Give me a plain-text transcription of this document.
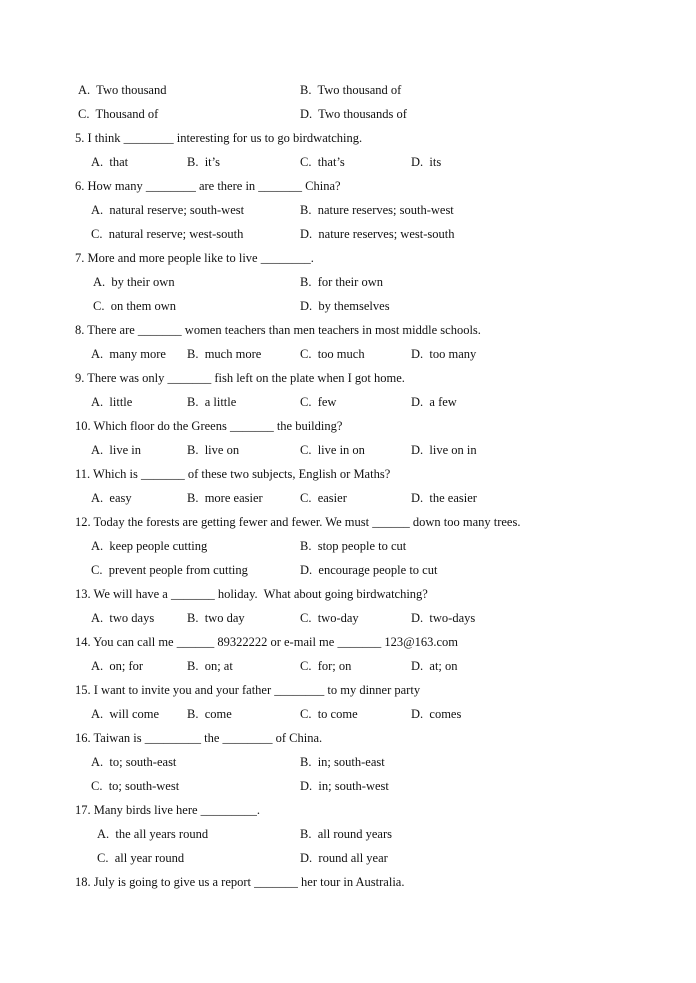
A.  Two thousand	B.  Two thousand of
C.  Thousand of	D.  Two thousands of
5. I think ________ interesting for us to go birdwatching.
A.  that	B.  it’s	C.  that’s	D.  its
6. How many ________ are there in _______ China?
A.  natural reserve; south-west	B.  nature reserves; south-west
C.  natural reserve; west-south	D.  nature reserves; west-south
7. More and more people like to live ________.
A.  by their own	B.  for their own
C.  on them own	D.  by themselves
8. There are _______ women teachers than men teachers in most middle schools.
A.  many more B.  much more	C.  too much	D.  too many
9. There was only _______ fish left on the plate when I got home.
A.  little	B.  a little	C.  few	D.  a few
10. Which floor do the Greens _______ the building?
A.  live in	B.  live on	C.  live in on	D.  live on in
11. Which is _______ of these two subjects, English or Maths?
A.  easy	B.  more easier	C.  easier	D.  the easier
12. Today the forests are getting fewer and fewer. We must ______ down too many trees.
A.  keep people cutting	B.  stop people to cut
C.  prevent people from cutting	D.  encourage people to cut
13. We will have a _______ holiday.  What about going birdwatching?
A.  two days	B.  two day	C.  two-day	D.  two-days
14. You can call me ______ 89322222 or e-mail me _______ 123@163.com
A.  on; for	B.  on; at	C.  for; on	D.  at; on
15. I want to invite you and your father ________ to my dinner party
A.  will come B.  come	C.  to come	D.  comes
16. Taiwan is _________ the ________ of China.
A.  to; south-east	B.  in; south-east
C.  to; south-west	D.  in; south-west
17. Many birds live here _________.
A.  the all years round	B.  all round years
C.  all year round	D.  round all year
18. July is going to give us a report _______ her tour in Australia.
